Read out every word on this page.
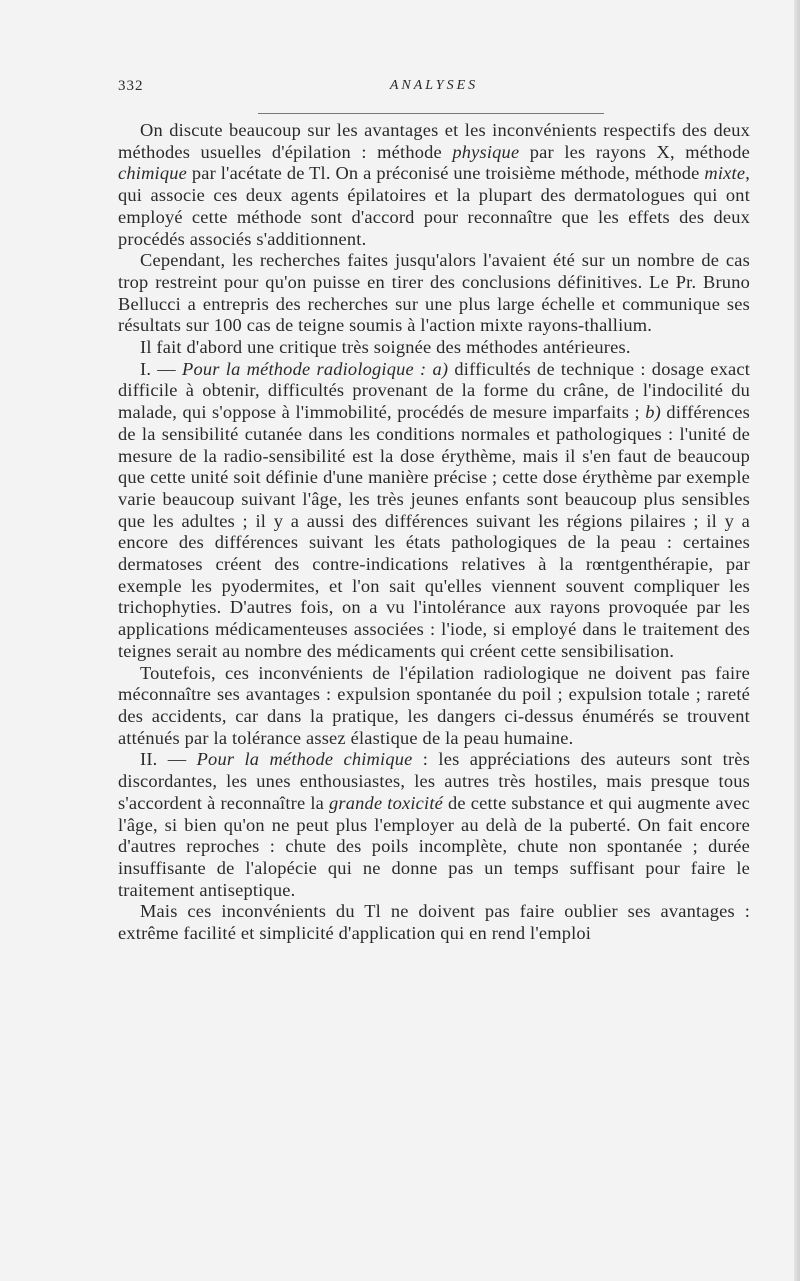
332	ANALYSES

On discute beaucoup sur les avantages et les inconvénients respectifs des deux méthodes usuelles d'épilation : méthode physique par les rayons X, méthode chimique par l'acétate de Tl. On a préconisé une troisième méthode, méthode mixte, qui associe ces deux agents épilatoires et la plupart des dermatologues qui ont employé cette méthode sont d'accord pour reconnaître que les effets des deux procédés associés s'additionnent.

Cependant, les recherches faites jusqu'alors l'avaient été sur un nombre de cas trop restreint pour qu'on puisse en tirer des conclusions définitives. Le Pr. Bruno Bellucci a entrepris des recherches sur une plus large échelle et communique ses résultats sur 100 cas de teigne soumis à l'action mixte rayons-thallium.

Il fait d'abord une critique très soignée des méthodes antérieures.

I. — Pour la méthode radiologique : a) difficultés de technique : dosage exact difficile à obtenir, difficultés provenant de la forme du crâne, de l'indocilité du malade, qui s'oppose à l'immobilité, procédés de mesure imparfaits ; b) différences de la sensibilité cutanée dans les conditions normales et pathologiques : l'unité de mesure de la radio-sensibilité est la dose érythème, mais il s'en faut de beaucoup que cette unité soit définie d'une manière précise ; cette dose érythème par exemple varie beaucoup suivant l'âge, les très jeunes enfants sont beaucoup plus sensibles que les adultes ; il y a aussi des différences suivant les régions pilaires ; il y a encore des différences suivant les états pathologiques de la peau : certaines dermatoses créent des contre-indications relatives à la rœntgenthérapie, par exemple les pyodermites, et l'on sait qu'elles viennent souvent compliquer les trichophyties. D'autres fois, on a vu l'intolérance aux rayons provoquée par les applications médicamenteuses associées : l'iode, si employé dans le traitement des teignes serait au nombre des médicaments qui créent cette sensibilisation.

Toutefois, ces inconvénients de l'épilation radiologique ne doivent pas faire méconnaître ses avantages : expulsion spontanée du poil ; expulsion totale ; rareté des accidents, car dans la pratique, les dangers ci-dessus énumérés se trouvent atténués par la tolérance assez élastique de la peau humaine.

II. — Pour la méthode chimique : les appréciations des auteurs sont très discordantes, les unes enthousiastes, les autres très hostiles, mais presque tous s'accordent à reconnaître la grande toxicité de cette substance et qui augmente avec l'âge, si bien qu'on ne peut plus l'employer au delà de la puberté. On fait encore d'autres reproches : chute des poils incomplète, chute non spontanée ; durée insuffisante de l'alopécie qui ne donne pas un temps suffisant pour faire le traitement antiseptique.

Mais ces inconvénients du Tl ne doivent pas faire oublier ses avantages : extrême facilité et simplicité d'application qui en rend l'emploi
